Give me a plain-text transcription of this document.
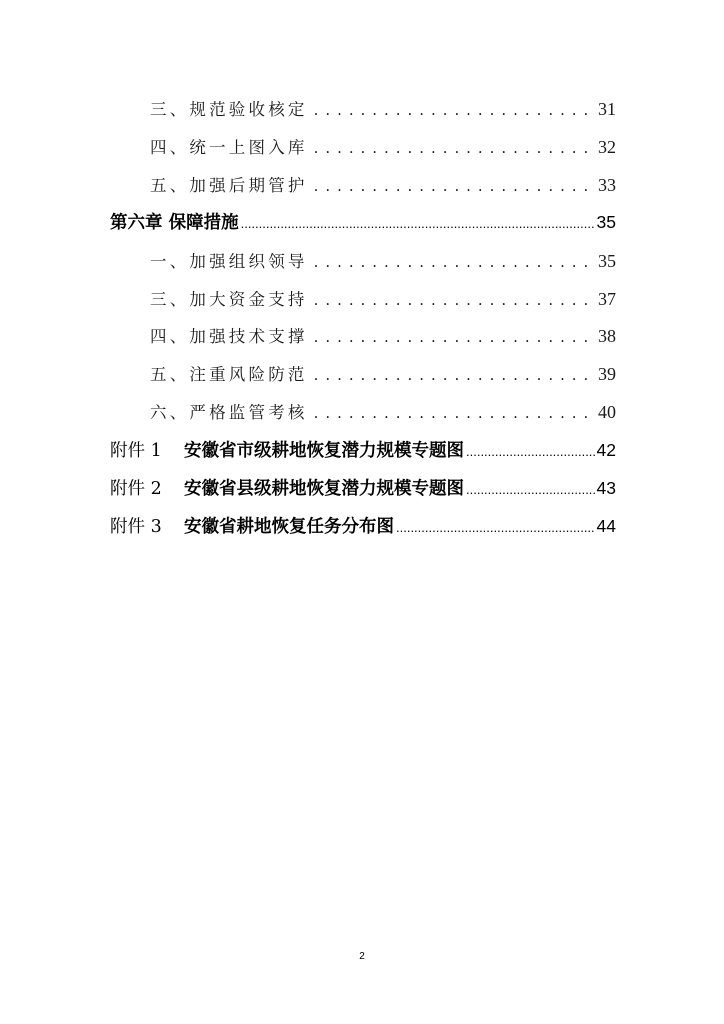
三、规范验收核定 . . .	31
四、统一上图入库 . . .	32
五、加强后期管护 . . .	33
第六章 保障措施 .....	35
一、加强组织领导 . . .	35
三、加大资金支持 . . .	37
四、加强技术支撑 . . .	38
五、注重风险防范 . . .	39
六、严格监管考核 . . .	40
附件 1	安徽省市级耕地恢复潜力规模专题图 .....	42
附件 2	安徽省县级耕地恢复潜力规模专题图 .....	43
附件 3	安徽省耕地恢复任务分布图 .....	44
2
